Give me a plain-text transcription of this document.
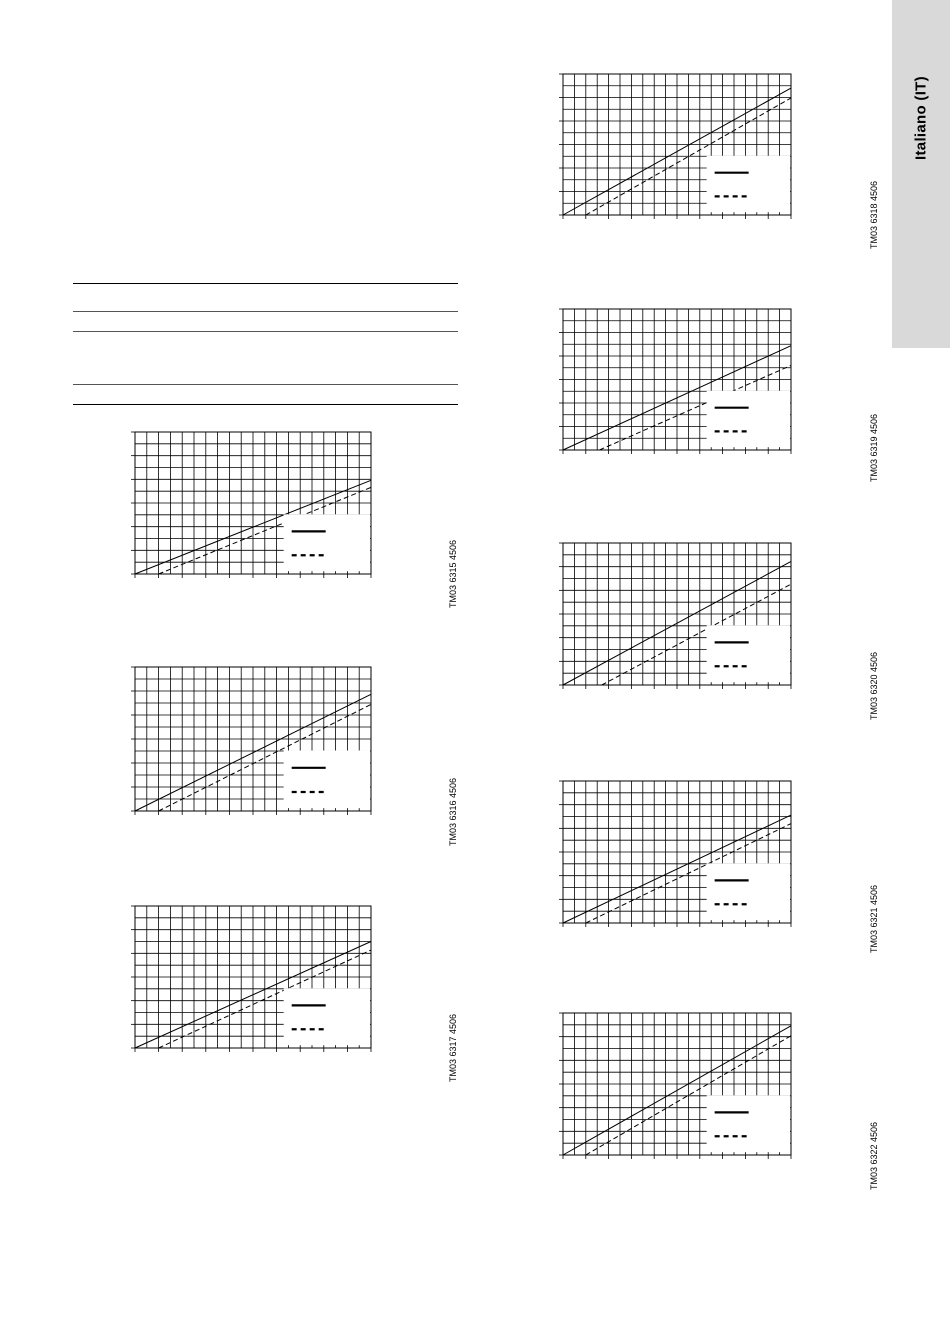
Italiano (IT)
TM03 6315 4506
TM03 6316 4506
TM03 6317 4506
TM03 6318 4506
TM03 6319 4506
TM03 6320 4506
TM03 6321 4506
TM03 6322 4506
